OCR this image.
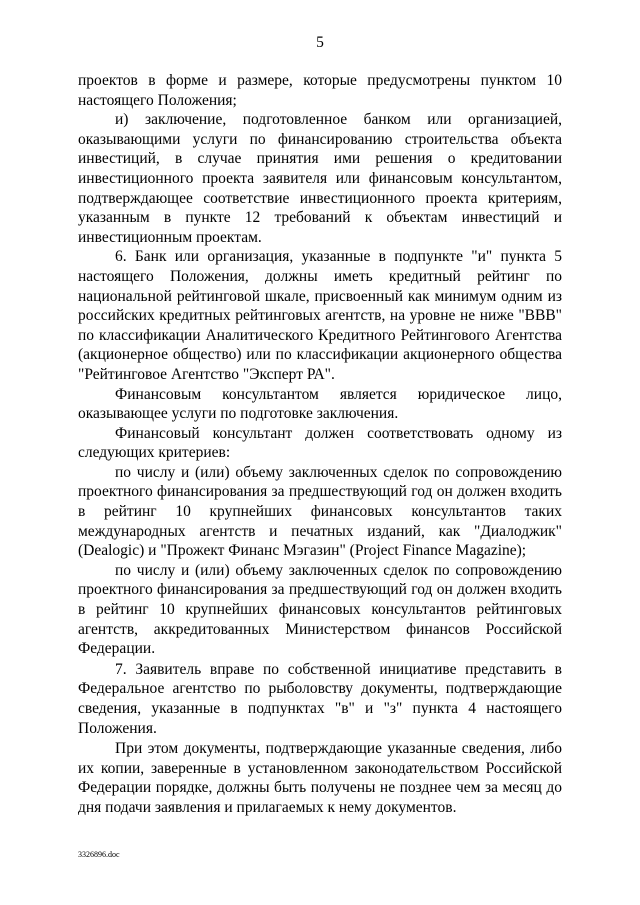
5

проектов в форме и размере, которые предусмотрены пунктом 10 настоящего Положения;

и) заключение, подготовленное банком или организацией, оказывающими услуги по финансированию строительства объекта инвестиций, в случае принятия ими решения о кредитовании инвестиционного проекта заявителя или финансовым консультантом, подтверждающее соответствие инвестиционного проекта критериям, указанным в пункте 12 требований к объектам инвестиций и инвестиционным проектам.

6. Банк или организация, указанные в подпункте "и" пункта 5 настоящего Положения, должны иметь кредитный рейтинг по национальной рейтинговой шкале, присвоенный как минимум одним из российских кредитных рейтинговых агентств, на уровне не ниже "BBB" по классификации Аналитического Кредитного Рейтингового Агентства (акционерное общество) или по классификации акционерного общества "Рейтинговое Агентство "Эксперт РА".

Финансовым консультантом является юридическое лицо, оказывающее услуги по подготовке заключения.

Финансовый консультант должен соответствовать одному из следующих критериев:

по числу и (или) объему заключенных сделок по сопровождению проектного финансирования за предшествующий год он должен входить в рейтинг 10 крупнейших финансовых консультантов таких международных агентств и печатных изданий, как "Диалоджик" (Dealogic) и "Прожект Финанс Мэгазин" (Project Finance Magazine);

по числу и (или) объему заключенных сделок по сопровождению проектного финансирования за предшествующий год он должен входить в рейтинг 10 крупнейших финансовых консультантов рейтинговых агентств, аккредитованных Министерством финансов Российской Федерации.

7. Заявитель вправе по собственной инициативе представить в Федеральное агентство по рыболовству документы, подтверждающие сведения, указанные в подпунктах "в" и "з" пункта 4 настоящего Положения.

При этом документы, подтверждающие указанные сведения, либо их копии, заверенные в установленном законодательством Российской Федерации порядке, должны быть получены не позднее чем за месяц до дня подачи заявления и прилагаемых к нему документов.

3326896.doc
